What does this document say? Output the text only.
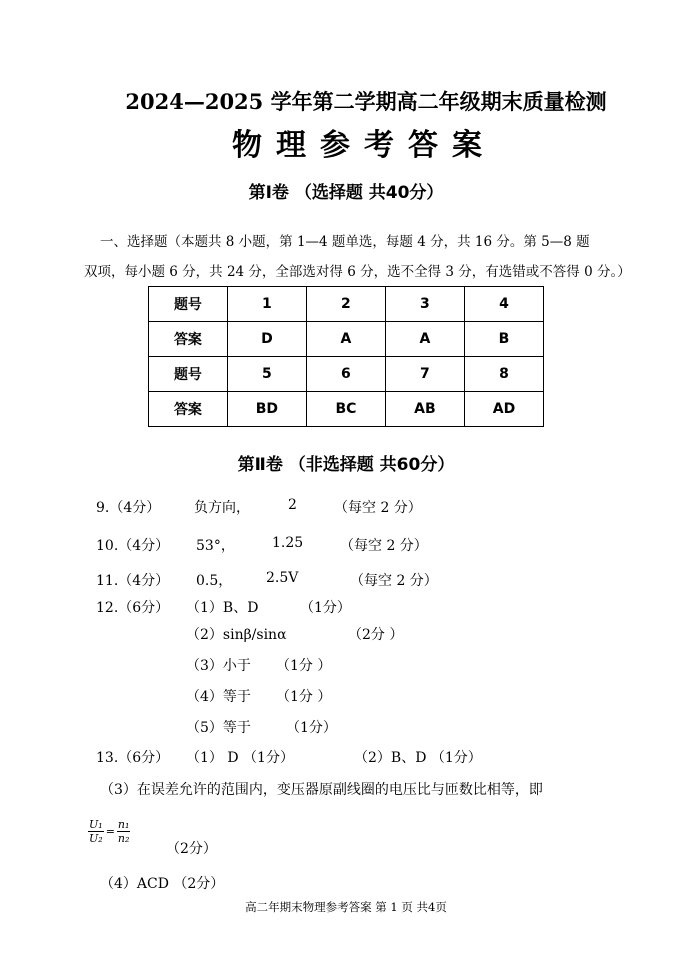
2024—2025 学年第二学期高二年级期末质量检测
物理参考答案
第Ⅰ卷 （选择题 共40分）
一、选择题（本题共 8 小题，第 1—4 题单选，每题 4 分，共 16 分。第 5—8 题
双项，每小题 6 分，共 24 分，全部选对得 6 分，选不全得 3 分，有选错或不答得 0 分。）
题号	1	2	3	4
答案	D	A	A	B
题号	5	6	7	8
答案	BD	BC	AB	AD
第Ⅱ卷 （非选择题 共60分）
9.（4分） 负方向，	2	（每空 2 分）
10.（4分） 53°，	1.25	（每空 2 分）
11.（4分） 0.5， 2.5V	（每空 2 分）
12.（6分） （1）B、D	（1分）
（2）sinβ/sinα	（2分 ）
（3）小于 （1分 ）
（4）等于 （1分 ）
（5）等于	（1分）
13.（6分） （1） D （1分）	（2）B、D （1分）
（3）在误差允许的范围内，变压器原副线圈的电压比与匝数比相等，即
（2分）
（4）ACD （2分）
$\frac{\text{U₁}}{\text{U₂}} = \frac{\text{n₁}}{\text{n₂}}$
高二年期末物理参考答案 第 1 页 共4页
